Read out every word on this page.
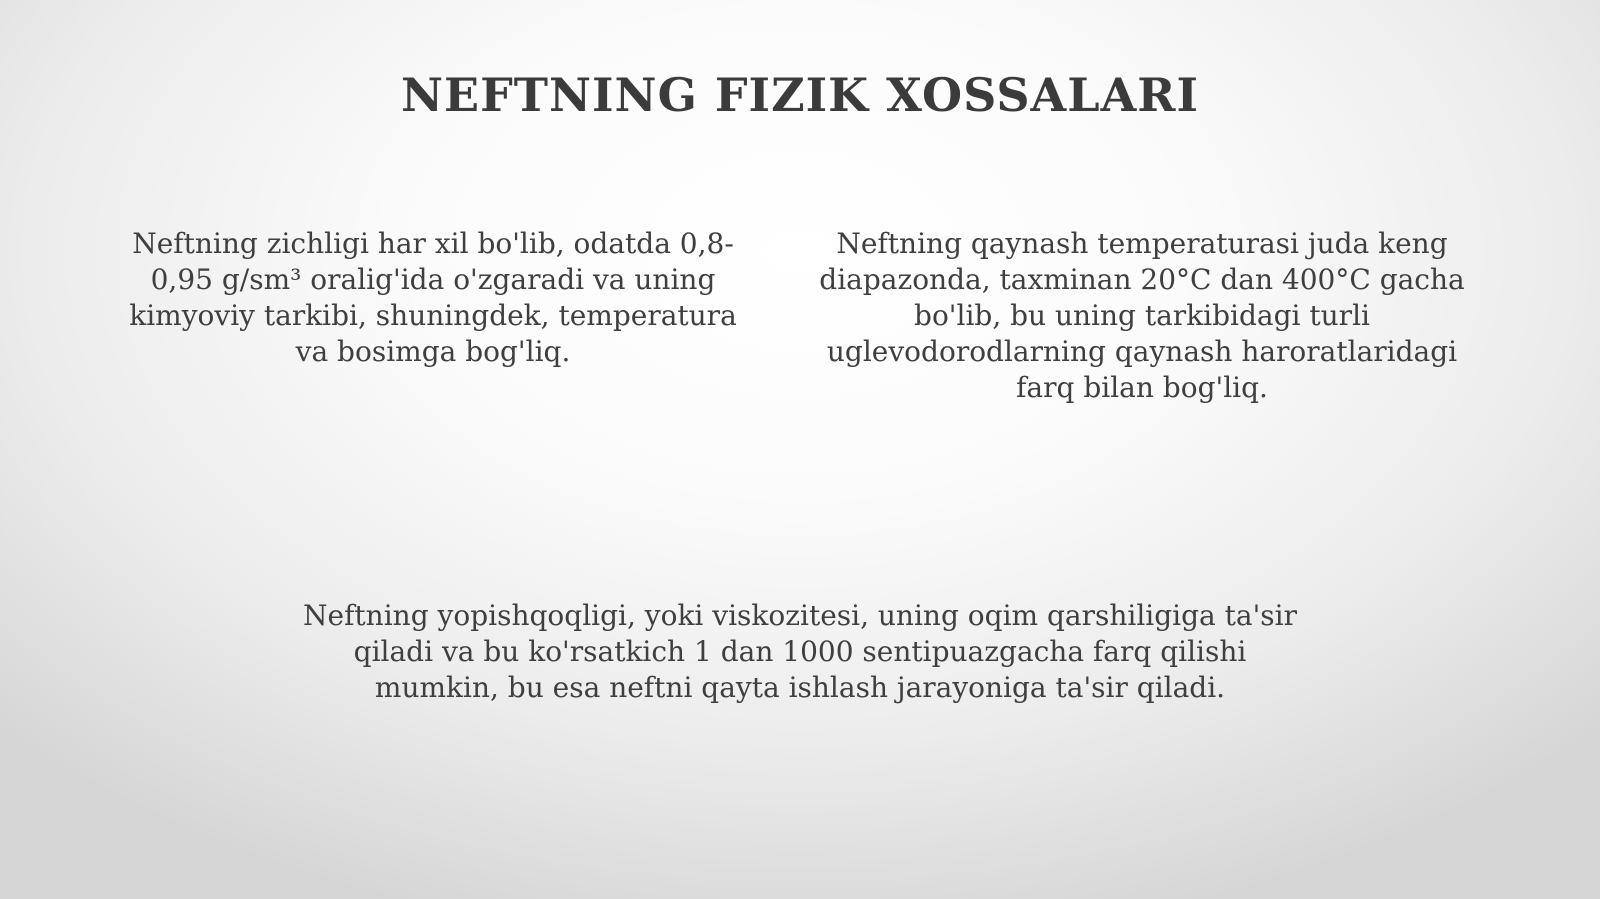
NEFTNING FIZIK XOSSALARI

Neftning zichligi har xil bo'lib, odatda 0,8-0,95 g/sm³ oralig'ida o'zgaradi va uning kimyoviy tarkibi, shuningdek, temperatura va bosimga bog'liq.

Neftning qaynash temperaturasi juda keng diapazonda, taxminan 20°C dan 400°C gacha bo'lib, bu uning tarkibidagi turli uglevodorodlarning qaynash haroratlaridagi farq bilan bog'liq.

Neftning yopishqoqligi, yoki viskozitesi, uning oqim qarshiligiga ta'sir qiladi va bu ko'rsatkich 1 dan 1000 sentipuazgacha farq qilishi mumkin, bu esa neftni qayta ishlash jarayoniga ta'sir qiladi.
